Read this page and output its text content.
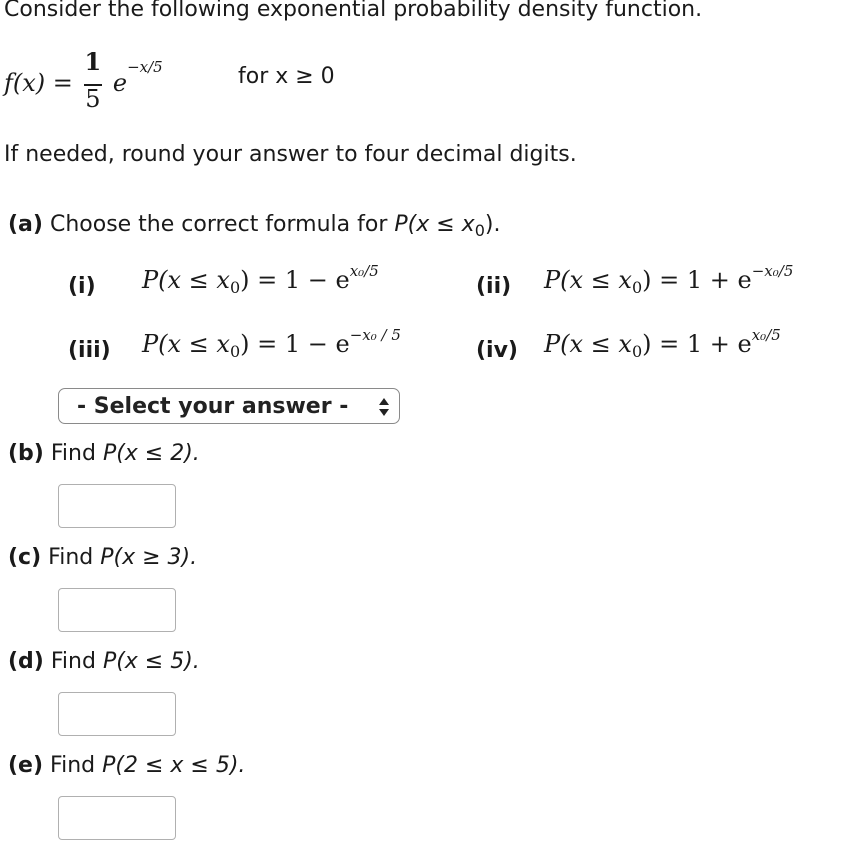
Consider the following exponential probability density function.
$f(x) = \frac{1}{5}$ e
−x/5	for x ≥ 0
If needed, round your answer to four decimal digits.
(a) Choose the correct formula for $P(x \le x_0)$.
(i) $P(x \le x_0) = 1 - e^{x_0/5}$
(ii) $P(x \le x_0) = 1 + e^{-x_0/5}$
(iii) $P(x \le x_0) = 1 - e^{-x_0 / 5}$
(iv) $P(x \le x_0) = 1 + e^{x_0/5}$
- Select your answer -
(b) Find P(x ≤ 2).
(c) Find P(x ≥ 3).
(d) Find P(x ≤ 5).
(e) Find P(2 ≤ x ≤ 5).
